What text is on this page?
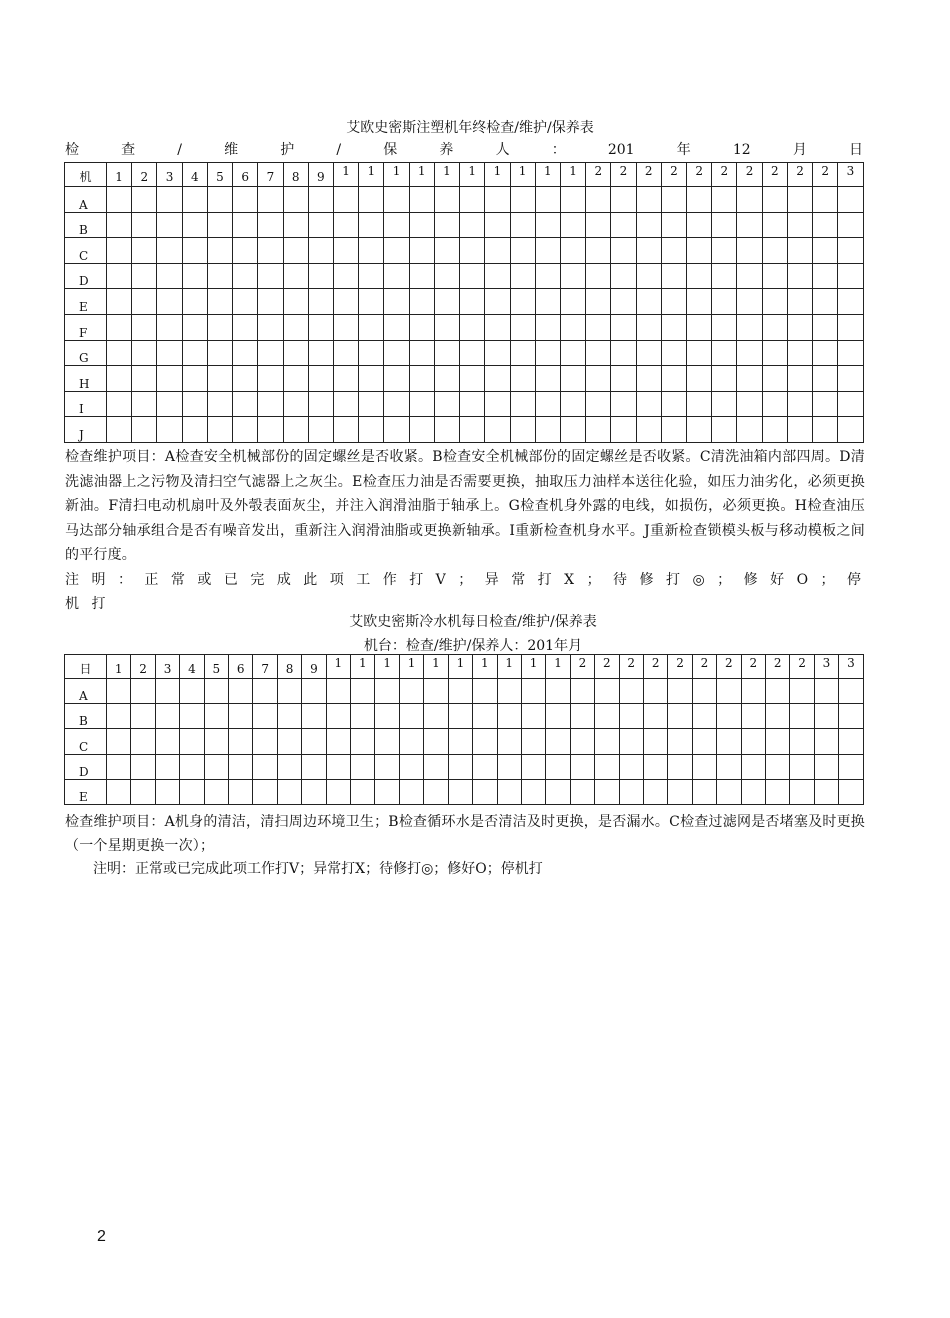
艾欧史密斯注塑机年终检查/维护/保养表
检	查	/	维	护	/	保	养	人	：	201	年	12	月	日
机	1	2	3	4	5	6	7	8	9	1	1	1	1	1	1	1	1	1	1	2	2	2	2	2	2	2	2	2	2	3

A																														
B																														
C																														
D																														
E																														
F																														
G																														
H																														
I																														
J																														
检查维护项目：A检查安全机械部份的固定螺丝是否收紧。B检查安全机械部份的固定螺丝是否收紧。C清洗油箱内部四周。D清洗滤油器上之污物及清扫空气滤器上之灰尘。E检查压力油是否需要更换，抽取压力油样本送往化验，如压力油劣化，必须更换新油。F清扫电动机扇叶及外彀表面灰尘，并注入润滑油脂于轴承上。G检查机身外露的电线，如损伤，必须更换。H检查油压马达部分轴承组合是否有噪音发出，重新注入润滑油脂或更换新轴承。I重新检查机身水平。J重新检查锁模头板与移动模板之间的平行度。
注 明 ： 正 常 或 已 完 成 此 项 工 作 打 V ； 异 常 打 X ； 待 修 打 ◎ ； 修 好 O ； 停 机 打
艾欧史密斯冷水机每日检查/维护/保养表
机台：检查/维护/保养人：201年月
日	1	2	3	4	5	6	7	8	9	1	1	1	1	1	1	1	1	1	1	2	2	2	2	2	2	2	2	2	2	3	3

A																															
B																															
C																															
D																															
E																															
检查维护项目：A机身的清洁，清扫周边环境卫生；B检查循环水是否清洁及时更换，是否漏水。C检查过滤网是否堵塞及时更换（一个星期更换一次）；
注明：正常或已完成此项工作打V；异常打X；待修打◎；修好O；停机打
2
